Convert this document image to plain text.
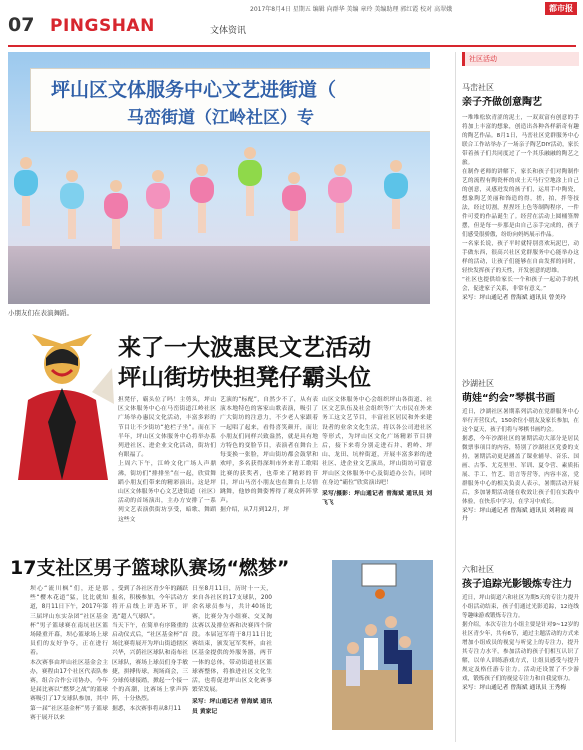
2017年8月4日 星期五 编辑 向群华 美编 章玲 美编助理 郭红霞 校对 高翠娥	都市报
07 PINGSHAN	文体资讯
坪山区文体服务中心文艺进街道（
马峦街道（江岭社区）专
小朋友们在表演舞蹈。
来了一大波惠民文艺活动
坪山街坊快担凳仔霸头位
担凳仔，霸头位了吗！主剪头，坪山区文体服务中心在马峦街道江岭社区广场举办惠民文化活动，丰富多彩的节目让不少街坊“抢栏子坐”。而在下半年，坪山区文体服务中心将举办系列进社区、进企业文化活动，街坊们有眼福了。
上周六下午，江岭文化广场人声鼎沸，街坊们“排排坐”在一起，欣赏舞蹈小朋友们带来的精彩演出。这是坪山区文体服务中心文艺进街道（社区）活动的首场演出，主办方安排了一系列文艺表演供街坊享受，暗歌、舞蹈这些文
艺演的“标配”，自然少不了，从有表演本地特色的客家山歌表演，吸引了广大街坊的注意力，不少老人家跟着一起唱了起来，看得喜笑颜开，而让小朋友们同样兴致盎然，就是具有地方特色的变脸节目，表演者在舞台上每变换一张脸，坪山街坊都会鼓掌和欢呼，多名获得深圳市外来青工歌唱比赛的获奖者，也带来了精彩的节目，坪山马峦小朋友也在舞台上尽情跳舞，他妙的舞姿博得了观众阵阵掌声。
据介绍，从7月到12月，坪
山区文体服务中心会组织坪山各街道、社区文艺队伍及社会组织等广大市民在外来务工这文艺节目，丰富社区居民和外来建设者的业余文化生活，将以各公司进社区等形式，为坪山区文化广场精彩节目拼后，接下来将分别走进石井、碧岭、坪山、龙田、坑梓街道，开展丰富多彩的进社区、进企业文艺演出，坪山街坊可留意坪山区文体服务中心及街道办公告，同时在身边“霸位”欣赏演出吧！
采写/摄影：坪山通记者 曾海斌 通讯员 刘飞飞
17支社区男子篮球队赛场“燃梦”
坝心“流川枫”们，还是那些“樱木花道”猛，比比就知道，8月11日下午，2017年第三届坪山东实杂团“社区基金杯”男子篮球赛在南坑社区篮场隆重开幕，坝心篮球场上球员们的友好争夺，正在进行着。
本次赛事由坪山社区基金会主办，赛程由17个社区代表队参赛，组合合作公司协办，今年是届比赛以“燃梦之战”的篮球赛吸引了17支球队参加，其中第一届“社区基金杯”男子篮球赛于展开以来
，受到了各社区青少年的踊跃报名，积极参加，今年活动方将开启线上评选环节，评选“超人气球队”。
当天下午，在简单有序隆重的启动仪式后，“社区基金杯”首场比赛将展开为坪山街道辖区兴华，兴荫社区球队和南布社区球队，赛场上球员们身手敏捷，拼搏传球，现场商会，三分球传球接踏，掀起一个接一个的高潮，比赛场上掌声阵阵，十分热烈。
据悉，本次赛事将从8月11
日至8月11日，历时十一天，来自各社区的17支球队，200余名球员参与，共计40场比赛，比赛分为小组赛、交叉淘汰赛以及排位赛和决赛四个阶段。本届冠军将于8月11日比赛结束，颁发冠军奖杯，由社区基金提供的外服务器，两节一体的总体，带动街道社区篮球赛整体，将推进社区文化生活，也将促进坪山区文化赛事繁荣发展。
采写：坪山通记者 曾海斌 通讯员 黄家记
社区活动
马峦社区
亲子齐做创意陶艺
一堆堆松软青涩的泥土，一双双富有创意的手将加上丰富的想象，创造出各种各样新奇有趣的陶艺作品。8月1日，马峦社区党群服务中心联合工作站举办了一场亲子陶艺DIY活动，家长带着孩子们共同度过了一个其乐融融的陶艺之旅。
在制作老师的讲解下，家长和孩子们对陶制作艺的流程有陶瓷杯的成土天马行空地涂上自己的创意，灵感迸发的孩子们，运用手中陶瓷，想象陶艺美丽和饰造的得，搓，拍，拌等技法，经过切割，捏捏坯上色等制陶程序，一件件可爱的作品诞生了。经营在活动上圆桶签牌摆，但是每一步那是由自己亲手完成的，孩子们感受很骄傲，纷纷向妈妈展示作品。
一名家长说，孩子平时就特别喜欢玩泥巴，动手做东西，很高兴社区党群服务中心能举办这样的活动，让孩子们能够在自由发挥的同时，轻快发挥孩子的天性，开发创意的思维。
“社区也提供给家长一个和孩子一起动手的机会，促进家子关系，非常有意义。”
采写：坪山通记者 曾海斌 通讯员 曾美玲
沙湖社区
萌娃“约会”琴棋书画
近日，沙湖社区暑期系列活动在党群服务中心举行开营仪式，150余位小朋友及家长参加，在这个夏天，孩子们将与琴棋书画约会。
据悉，今年沙湖社区的暑期活动大部分是居民微票事项目的内容，特别了沙湖社区党委的支持，暑期活动更是涵盖了课业辅导、音乐、国画、古筝、尤克里里、军训、夏令营、素质拓展、手工、竹艺、语言等营等，内容丰富，党群服务中心的相关负责人表示，暑期活动开展后，多加暑期活动能在收效让孩子们在实践中体验，在快乐中学习，在学习中成长。
采写：坪山通记者 曾海斌 通讯员 刘莉霞 周丹
六和社区
孩子追踪光影锻炼专注力
近日，坪山街道六和社区为期5天的专注力提升小组活动结束，孩子们通过光影追踪，12连线等趣味游戏锻炼专注力。
据介绍，本次专注力小组主要是针对9~12岁的社区青少年，共有6节，通过主题活动的方式来增加小组成员的视觉与听觉上的专注力，提升其专注力水平，参加活动的孩子们相互认识了解，以单人训练游戏方式，让组员感受与提升规定及格任游专注力。活动还设置了不少游戏，锻炼孩子们的视觉专注力和自我觉察力。
采写：坪山通记者 曾海斌 通讯员 王秀梅
